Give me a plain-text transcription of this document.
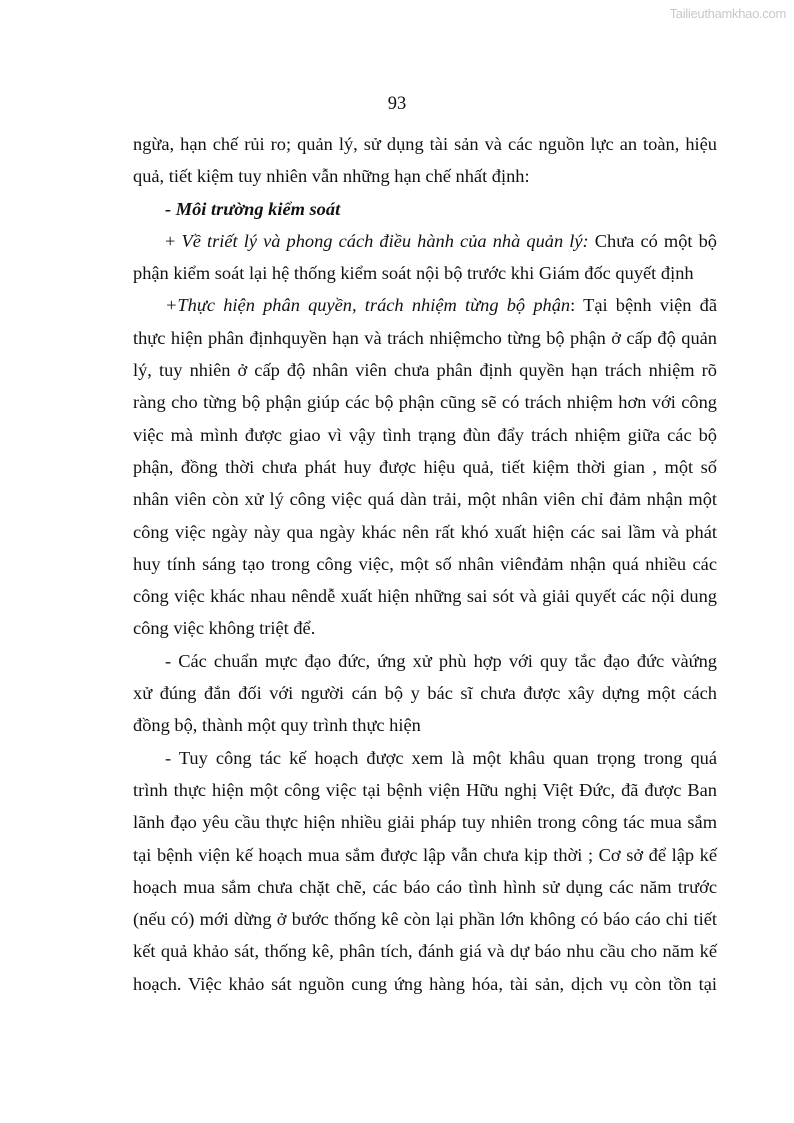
Tailieuthamkhao.com
93
ngừa, hạn chế rủi ro; quản lý, sử dụng tài sản và các nguồn lực an toàn, hiệu
quả, tiết kiệm tuy nhiên vẫn những hạn chế nhất định:
- Môi trường kiểm soát
+ Về triết lý và phong cách điều hành của nhà quản lý: Chưa có một bộ
phận kiểm soát lại hệ thống kiểm soát nội bộ trước khi Giám đốc quyết định
+Thực hiện phân quyền, trách nhiệm từng bộ phận: Tại bệnh viện đã
thực hiện phân địnhquyền hạn và trách nhiệmcho từng bộ phận ở cấp độ quản
lý, tuy nhiên ở cấp độ nhân viên chưa phân định quyền hạn trách nhiệm rõ
ràng cho từng bộ phận giúp các bộ phận cũng sẽ có trách nhiệm hơn với công
việc mà mình được giao vì vậy tình trạng đùn đẩy trách nhiệm giữa các bộ
phận, đồng thời chưa phát huy được hiệu quả, tiết kiệm thời gian , một số
nhân viên còn xử lý công việc quá dàn trải, một nhân viên chỉ đảm nhận một
công việc ngày này qua ngày khác nên rất khó xuất hiện các sai lầm và phát
huy tính sáng tạo trong công việc, một số nhân viênđảm nhận quá nhiều các
công việc khác nhau nêndễ xuất hiện những sai sót và giải quyết các nội dung
công việc không triệt để.
- Các chuẩn mực đạo đức, ứng xử phù hợp với quy tắc đạo đức vàứng
xử đúng đắn đối với người cán bộ y bác sĩ chưa được xây dựng một cách
đồng bộ, thành một quy trình thực hiện
- Tuy công tác kế hoạch được xem là một khâu quan trọng trong quá
trình thực hiện một công việc tại bệnh viện Hữu nghị Việt Đức, đã được Ban
lãnh đạo yêu cầu thực hiện nhiều giải pháp tuy nhiên trong công tác mua sắm
tại bệnh viện kế hoạch mua sắm được lập vẫn chưa kịp thời ; Cơ sở để lập kế
hoạch mua sắm chưa chặt chẽ, các báo cáo tình hình sử dụng các năm trước
(nếu có) mới dừng ở bước thống kê còn lại phần lớn không có báo cáo chi tiết
kết quả khảo sát, thống kê, phân tích, đánh giá và dự báo nhu cầu cho năm kế
hoạch. Việc khảo sát nguồn cung ứng hàng hóa, tài sản, dịch vụ còn tồn tại
